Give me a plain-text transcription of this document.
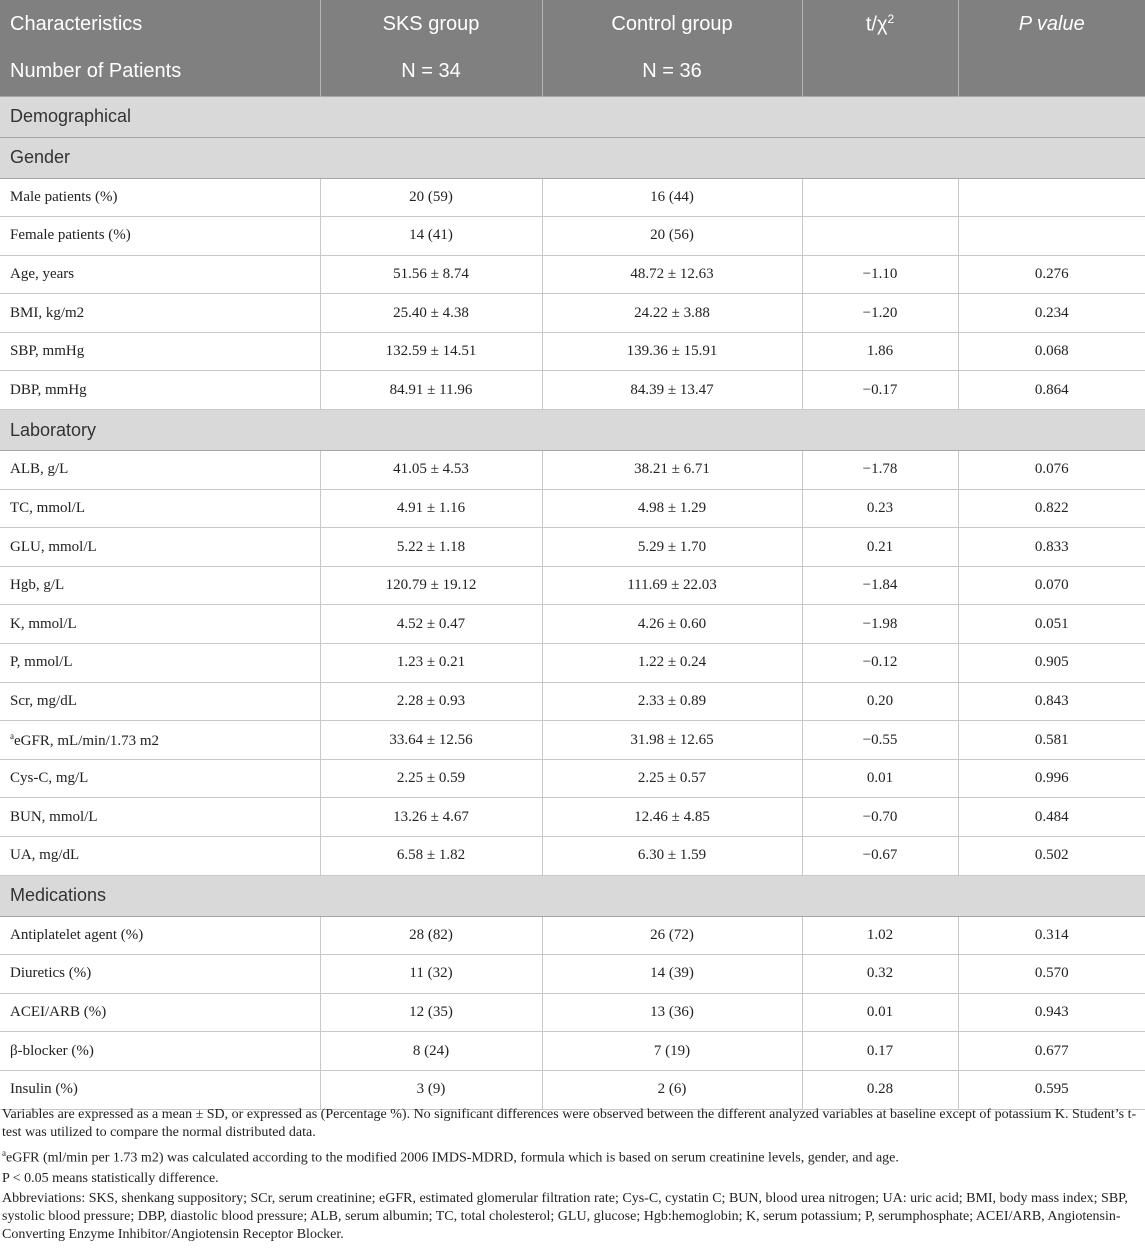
Characteristics	SKS group	Control group	$t/\chi^2$	P value
Number of Patients	N = 34	N = 36		
Demographical				
Gender				
Male patients (%)	20 (59)	16 (44)		
Female patients (%)	14 (41)	20 (56)		
Age, years	51.56 ± 8.74	48.72 ± 12.63	−1.10	0.276
BMI, kg/m2	25.40 ± 4.38	24.22 ± 3.88	−1.20	0.234
SBP, mmHg	132.59 ± 14.51	139.36 ± 15.91	1.86	0.068
DBP, mmHg	84.91 ± 11.96	84.39 ± 13.47	−0.17	0.864
Laboratory				
ALB, g/L	41.05 ± 4.53	38.21 ± 6.71	−1.78	0.076
TC, mmol/L	4.91 ± 1.16	4.98 ± 1.29	0.23	0.822
GLU, mmol/L	5.22 ± 1.18	5.29 ± 1.70	0.21	0.833
Hgb, g/L	120.79 ± 19.12	111.69 ± 22.03	−1.84	0.070
K, mmol/L	4.52 ± 0.47	4.26 ± 0.60	−1.98	0.051
P, mmol/L	1.23 ± 0.21	1.22 ± 0.24	−0.12	0.905
Scr, mg/dL	2.28 ± 0.93	2.33 ± 0.89	0.20	0.843
$^a$eGFR, mL/min/1.73 m2	33.64 ± 12.56	31.98 ± 12.65	−0.55	0.581
Cys-C, mg/L	2.25 ± 0.59	2.25 ± 0.57	0.01	0.996
BUN, mmol/L	13.26 ± 4.67	12.46 ± 4.85	−0.70	0.484
UA, mg/dL	6.58 ± 1.82	6.30 ± 1.59	−0.67	0.502
Medications				
Antiplatelet agent (%)	28 (82)	26 (72)	1.02	0.314
Diuretics (%)	11 (32)	14 (39)	0.32	0.570
ACEI/ARB (%)	12 (35)	13 (36)	0.01	0.943
β-blocker (%)	8 (24)	7 (19)	0.17	0.677
Insulin (%)	3 (9)	2 (6)	0.28	0.595

Variables are expressed as a mean ± SD, or expressed as (Percentage %). No significant differences were observed between the different analyzed variables at baseline except of potassium K. Student’s t-test was utilized to compare the normal distributed data.

$^a$eGFR (ml/min per 1.73 m2) was calculated according to the modified 2006 IMDS-MDRD, formula which is based on serum creatinine levels, gender, and age.

P < 0.05 means statistically difference.

Abbreviations: SKS, shenkang suppository; SCr, serum creatinine; eGFR, estimated glomerular filtration rate; Cys-C, cystatin C; BUN, blood urea nitrogen; UA: uric acid; BMI, body mass index; SBP, systolic blood pressure; DBP, diastolic blood pressure; ALB, serum albumin; TC, total cholesterol; GLU, glucose; Hgb:hemoglobin; K, serum potassium; P, serumphosphate; ACEI/ARB, Angiotensin-Converting Enzyme Inhibitor/Angiotensin Receptor Blocker.
